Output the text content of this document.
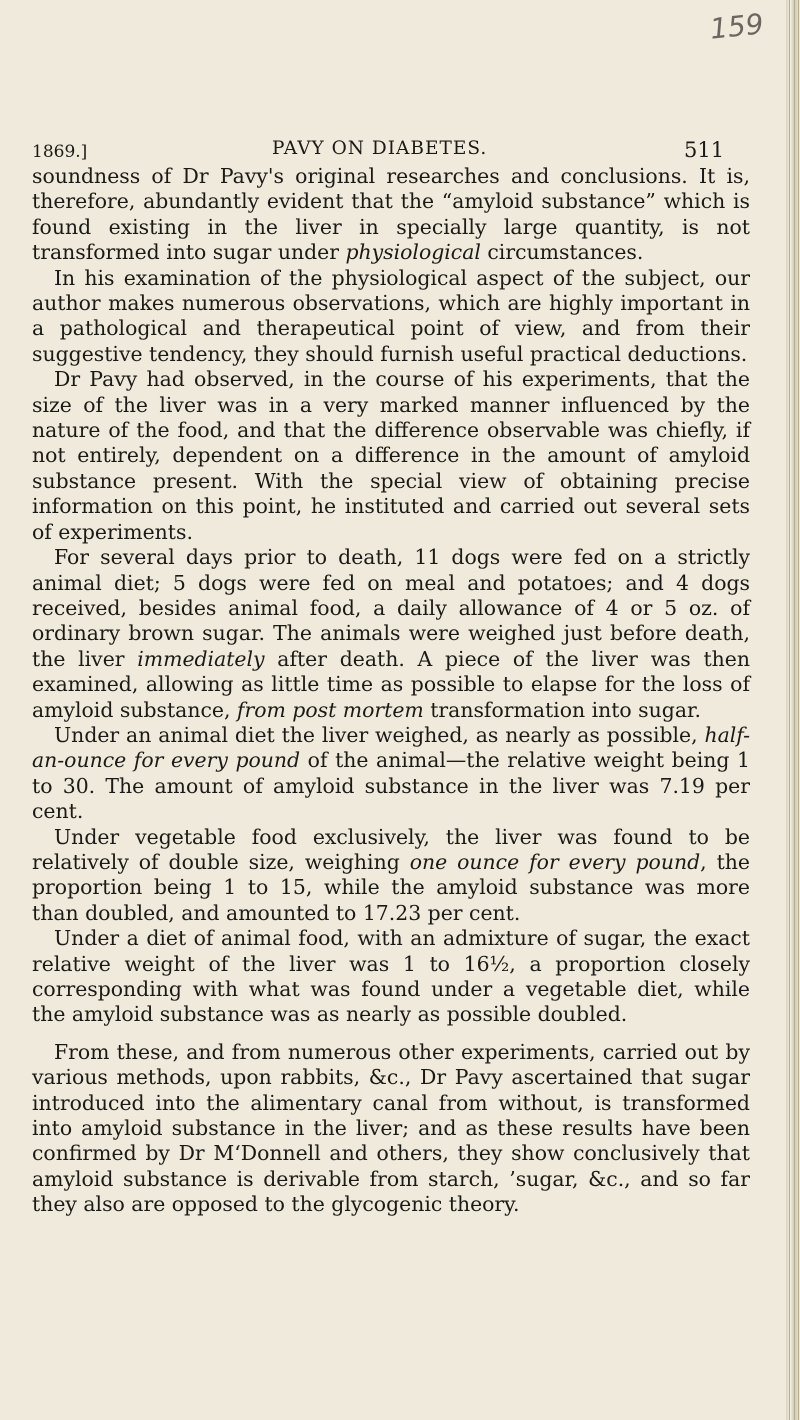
159
1869.]	PAVY ON DIABETES.	511

soundness of Dr Pavy's original researches and conclusions. It is, therefore, abundantly evident that the “amyloid substance” which is found existing in the liver in specially large quantity, is not transformed into sugar under physiological circumstances.

In his examination of the physiological aspect of the subject, our author makes numerous observations, which are highly important in a pathological and therapeutical point of view, and from their suggestive tendency, they should furnish useful practical deductions.

Dr Pavy had observed, in the course of his experiments, that the size of the liver was in a very marked manner influenced by the nature of the food, and that the difference observable was chiefly, if not entirely, dependent on a difference in the amount of amyloid substance present. With the special view of obtaining precise information on this point, he instituted and carried out several sets of experiments.

For several days prior to death, 11 dogs were fed on a strictly animal diet; 5 dogs were fed on meal and potatoes; and 4 dogs received, besides animal food, a daily allowance of 4 or 5 oz. of ordinary brown sugar. The animals were weighed just before death, the liver immediately after death. A piece of the liver was then examined, allowing as little time as possible to elapse for the loss of amyloid substance, from post mortem transformation into sugar.

Under an animal diet the liver weighed, as nearly as possible, half-an-ounce for every pound of the animal—the relative weight being 1 to 30. The amount of amyloid substance in the liver was 7.19 per cent.

Under vegetable food exclusively, the liver was found to be relatively of double size, weighing one ounce for every pound, the proportion being 1 to 15, while the amyloid substance was more than doubled, and amounted to 17.23 per cent.

Under a diet of animal food, with an admixture of sugar, the exact relative weight of the liver was 1 to 16½, a proportion closely corresponding with what was found under a vegetable diet, while the amyloid substance was as nearly as possible doubled.

From these, and from numerous other experiments, carried out by various methods, upon rabbits, &c., Dr Pavy ascertained that sugar introduced into the alimentary canal from without, is transformed into amyloid substance in the liver; and as these results have been confirmed by Dr M‘Donnell and others, they show conclusively that amyloid substance is derivable from starch, ’sugar, &c., and so far they also are opposed to the glycogenic theory.
